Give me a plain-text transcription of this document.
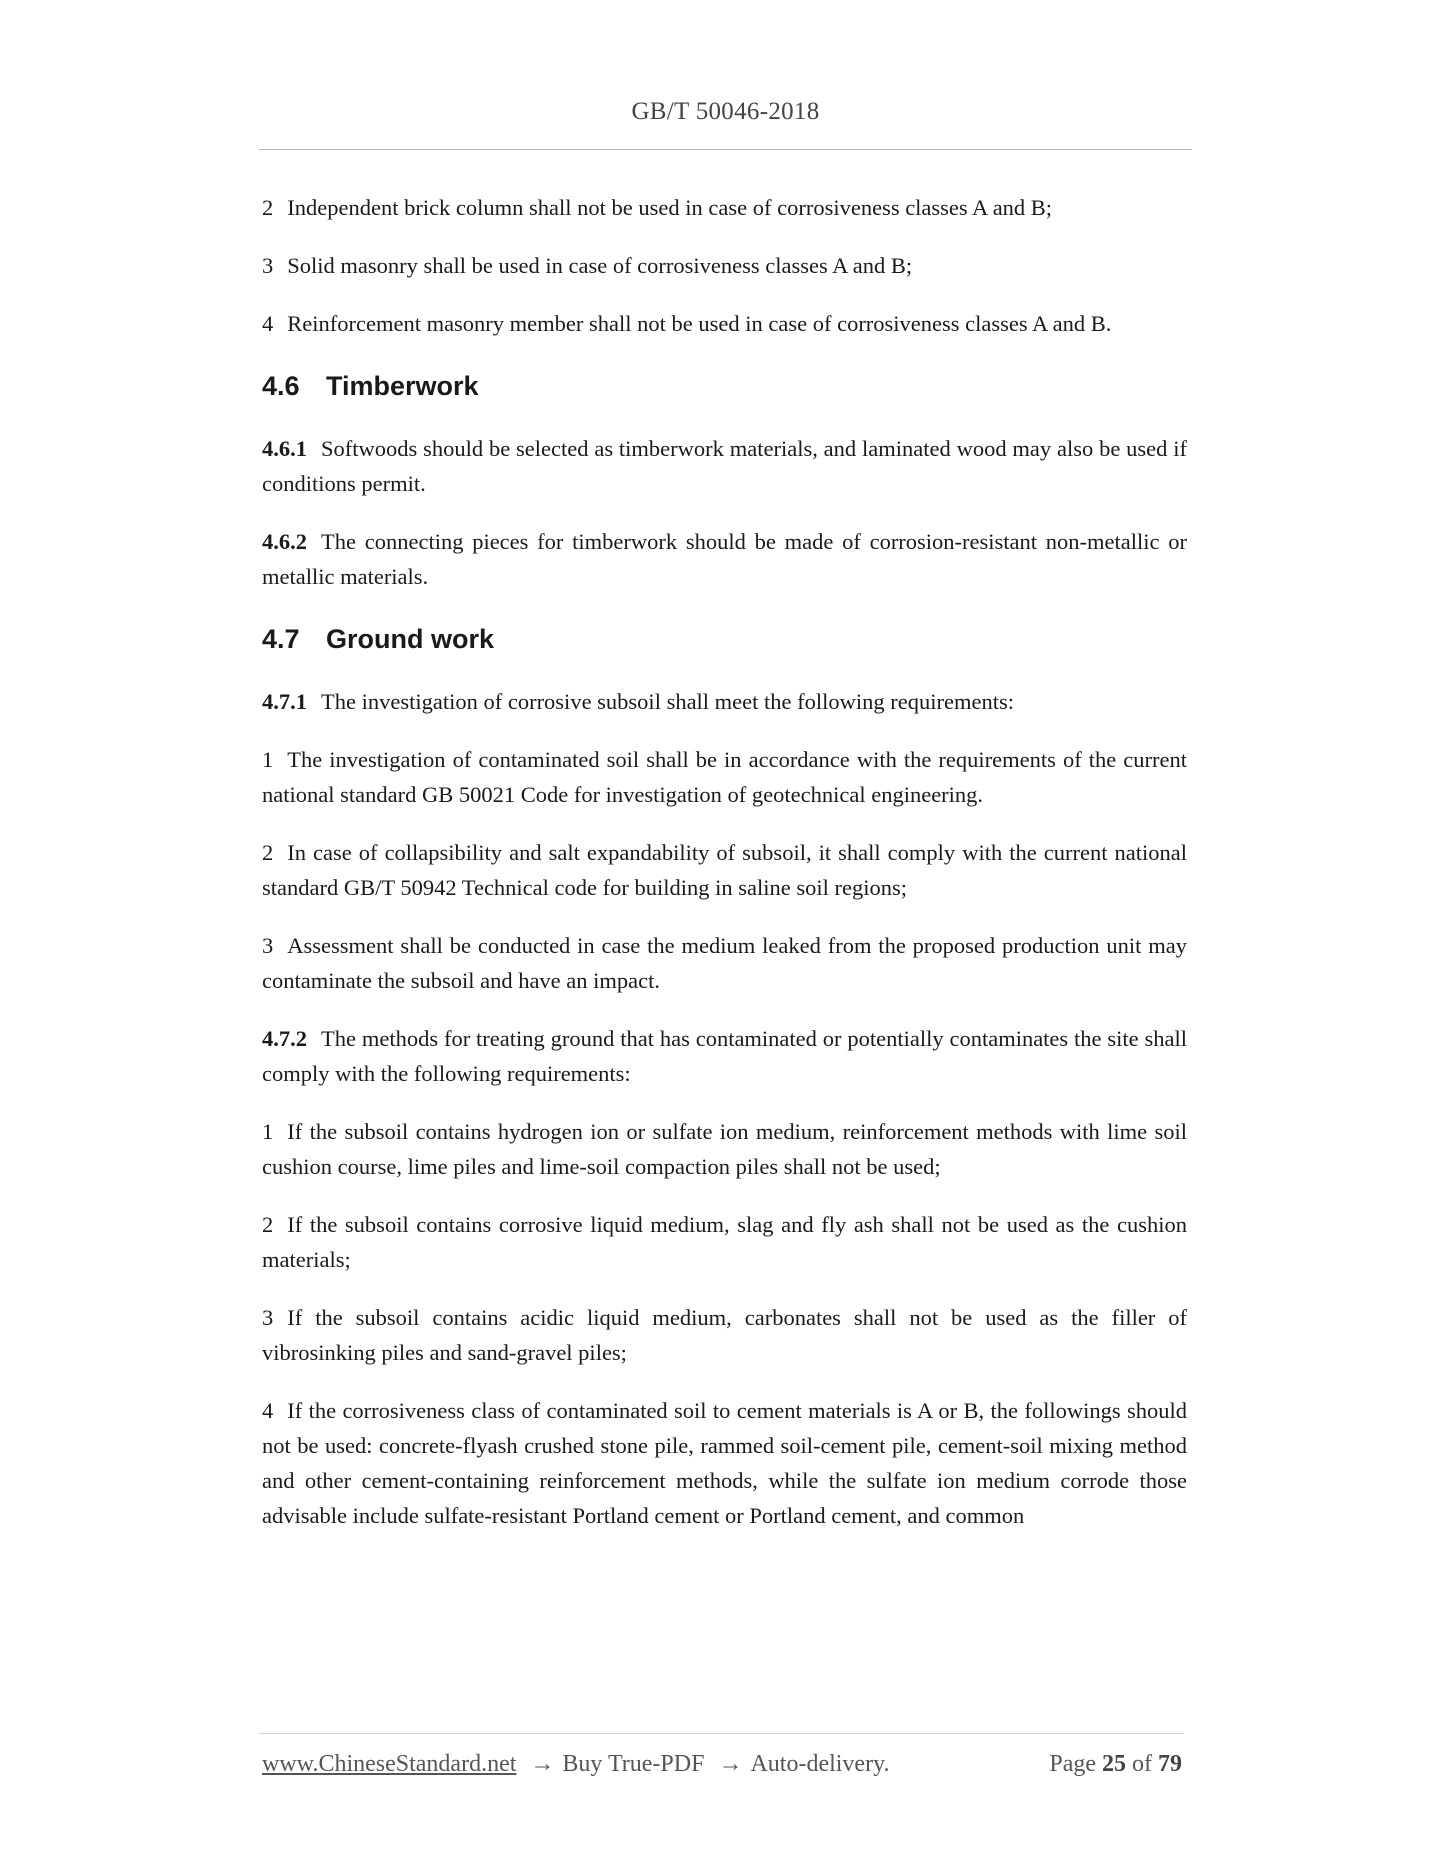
GB/T 50046-2018

2 Independent brick column shall not be used in case of corrosiveness classes A and B;

3 Solid masonry shall be used in case of corrosiveness classes A and B;

4 Reinforcement masonry member shall not be used in case of corrosiveness classes A and B.

4.6 Timberwork

4.6.1 Softwoods should be selected as timberwork materials, and laminated wood may also be used if conditions permit.

4.6.2 The connecting pieces for timberwork should be made of corrosion-resistant non-metallic or metallic materials.

4.7 Ground work

4.7.1 The investigation of corrosive subsoil shall meet the following requirements:

1 The investigation of contaminated soil shall be in accordance with the requirements of the current national standard GB 50021 Code for investigation of geotechnical engineering.

2 In case of collapsibility and salt expandability of subsoil, it shall comply with the current national standard GB/T 50942 Technical code for building in saline soil regions;

3 Assessment shall be conducted in case the medium leaked from the proposed production unit may contaminate the subsoil and have an impact.

4.7.2 The methods for treating ground that has contaminated or potentially contaminates the site shall comply with the following requirements:

1 If the subsoil contains hydrogen ion or sulfate ion medium, reinforcement methods with lime soil cushion course, lime piles and lime-soil compaction piles shall not be used;

2 If the subsoil contains corrosive liquid medium, slag and fly ash shall not be used as the cushion materials;

3 If the subsoil contains acidic liquid medium, carbonates shall not be used as the filler of vibrosinking piles and sand-gravel piles;

4 If the corrosiveness class of contaminated soil to cement materials is A or B, the followings should not be used: concrete-flyash crushed stone pile, rammed soil-cement pile, cement-soil mixing method and other cement-containing reinforcement methods, while the sulfate ion medium corrode those advisable include sulfate-resistant Portland cement or Portland cement, and common

www.ChineseStandard.net → Buy True-PDF → Auto-delivery.	Page 25 of 79
